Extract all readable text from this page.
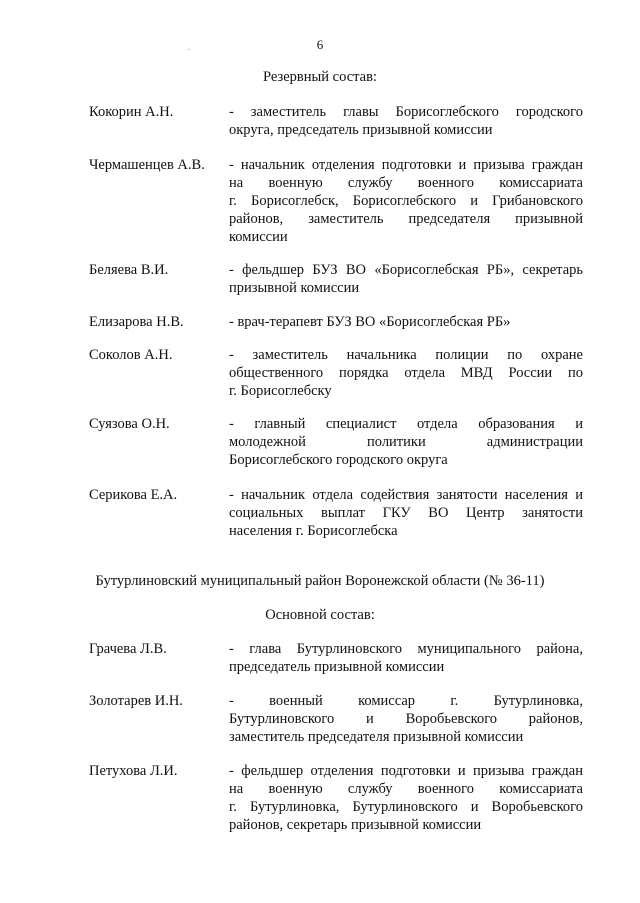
6
Резервный состав:
Кокорин А.Н.	- заместитель главы Борисоглебского городского
округа, председатель призывной комиссии
Чермашенцев А.В. - начальник отделения подготовки и призыва граждан
на военную службу военного комиссариата
г. Борисоглебск, Борисоглебского и Грибановского
районов, заместитель председателя призывной
комиссии
Беляева В.И.	- фельдшер БУЗ ВО «Борисоглебская РБ», секретарь
призывной комиссии
Елизарова Н.В.	- врач-терапевт БУЗ ВО «Борисоглебская РБ»
Соколов А.Н.	- заместитель начальника полиции по охране
общественного порядка отдела МВД России по
г. Борисоглебску
Суязова О.Н.	- главный специалист отдела образования и
молодежной политики администрации
Борисоглебского городского округа
Серикова Е.А.	- начальник отдела содействия занятости населения и
социальных выплат ГКУ ВО Центр занятости
населения г. Борисоглебска
Бутурлиновский муниципальный район Воронежской области (№ 36-11)
Основной состав:
Грачева Л.В.	- глава Бутурлиновского муниципального района,
председатель призывной комиссии
Золотарев И.Н.	- военный комиссар г. Бутурлиновка,
Бутурлиновского и Воробьевского районов,
заместитель председателя призывной комиссии
Петухова Л.И.	- фельдшер отделения подготовки и призыва граждан
на военную службу военного комиссариата
г. Бутурлиновка, Бутурлиновского и Воробьевского
районов, секретарь призывной комиссии
